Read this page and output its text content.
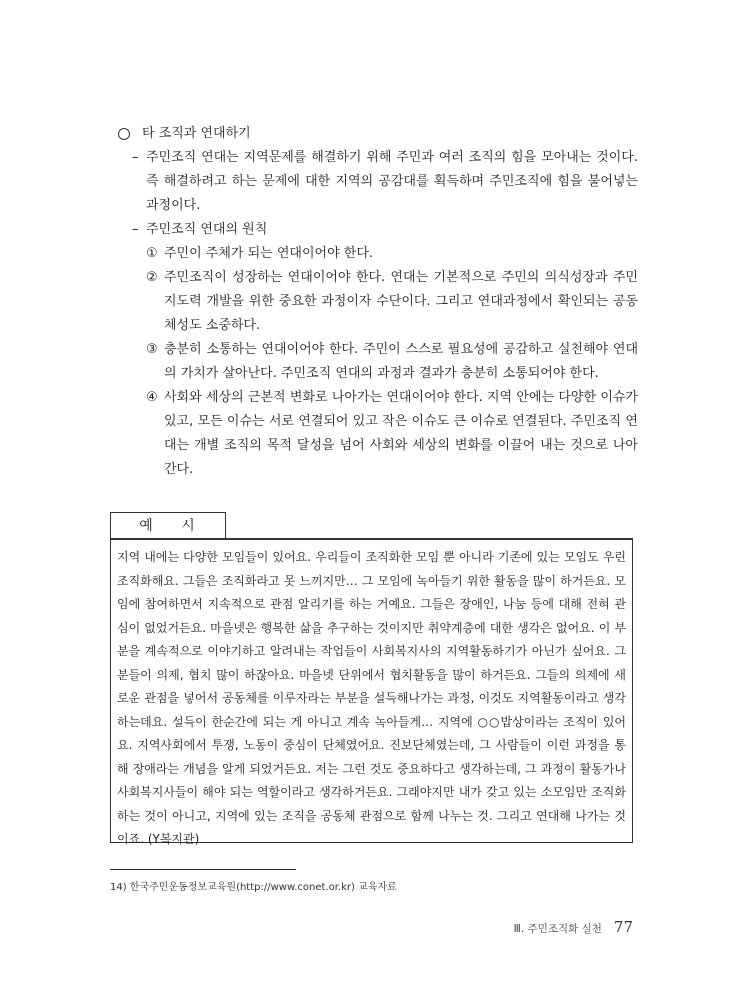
타 조직과 연대하기
– 주민조직 연대는 지역문제를 해결하기 위해 주민과 여러 조직의 힘을 모아내는 것이다. 즉 해결하려고 하는 문제에 대한 지역의 공감대를 획득하며 주민조직에 힘을 불어넣는 과정이다.
– 주민조직 연대의 원칙
① 주민이 주체가 되는 연대이어야 한다.
② 주민조직이 성장하는 연대이어야 한다. 연대는 기본적으로 주민의 의식성장과 주민지도력 개발을 위한 중요한 과정이자 수단이다. 그리고 연대과정에서 확인되는 공동체성도 소중하다.
③ 충분히 소통하는 연대이어야 한다. 주민이 스스로 필요성에 공감하고 실천해야 연대의 가치가 살아난다. 주민조직 연대의 과정과 결과가 충분히 소통되어야 한다.
④ 사회와 세상의 근본적 변화로 나아가는 연대이어야 한다. 지역 안에는 다양한 이슈가 있고, 모든 이슈는 서로 연결되어 있고 작은 이슈도 큰 이슈로 연결된다. 주민조직 연대는 개별 조직의 목적 달성을 넘어 사회와 세상의 변화를 이끌어 내는 것으로 나아간다.
예 시
지역 내에는 다양한 모임들이 있어요. 우리들이 조직화한 모임 뿐 아니라 기존에 있는 모임도 우린 조직화해요. 그들은 조직화라고 못 느끼지만… 그 모임에 녹아들기 위한 활동을 많이 하거든요. 모임에 참여하면서 지속적으로 관점 알리기를 하는 거예요. 그들은 장애인, 나눔 등에 대해 전혀 관심이 없었거든요. 마을넷은 행복한 삶을 추구하는 것이지만 취약계층에 대한 생각은 없어요. 이 부분을 계속적으로 이야기하고 알려내는 작업들이 사회복지사의 지역활동하기가 아닌가 싶어요. 그 분들이 의제, 협치 많이 하잖아요. 마을넷 단위에서 협치활동을 많이 하거든요. 그들의 의제에 새로운 관점을 넣어서 공동체를 이루자라는 부분을 설득해나가는 과정, 이것도 지역활동이라고 생각하는데요. 설득이 한순간에 되는 게 아니고 계속 녹아들게… 지역에 ○○밥상이라는 조직이 있어요. 지역사회에서 투쟁, 노동이 중심이 단체였어요. 진보단체였는데, 그 사람들이 이런 과정을 통해 장애라는 개념을 알게 되었거든요. 저는 그런 것도 중요하다고 생각하는데, 그 과정이 활동가나 사회복지사들이 해야 되는 역할이라고 생각하거든요. 그래야지만 내가 갖고 있는 소모임만 조직화하는 것이 아니고, 지역에 있는 조직을 공동체 관점으로 함께 나누는 것. 그리고 연대해 나가는 것이죠. (Y복지관)
14) 한국주민운동정보교육원(http://www.conet.or.kr) 교육자료
Ⅲ. 주민조직화 실천 77
